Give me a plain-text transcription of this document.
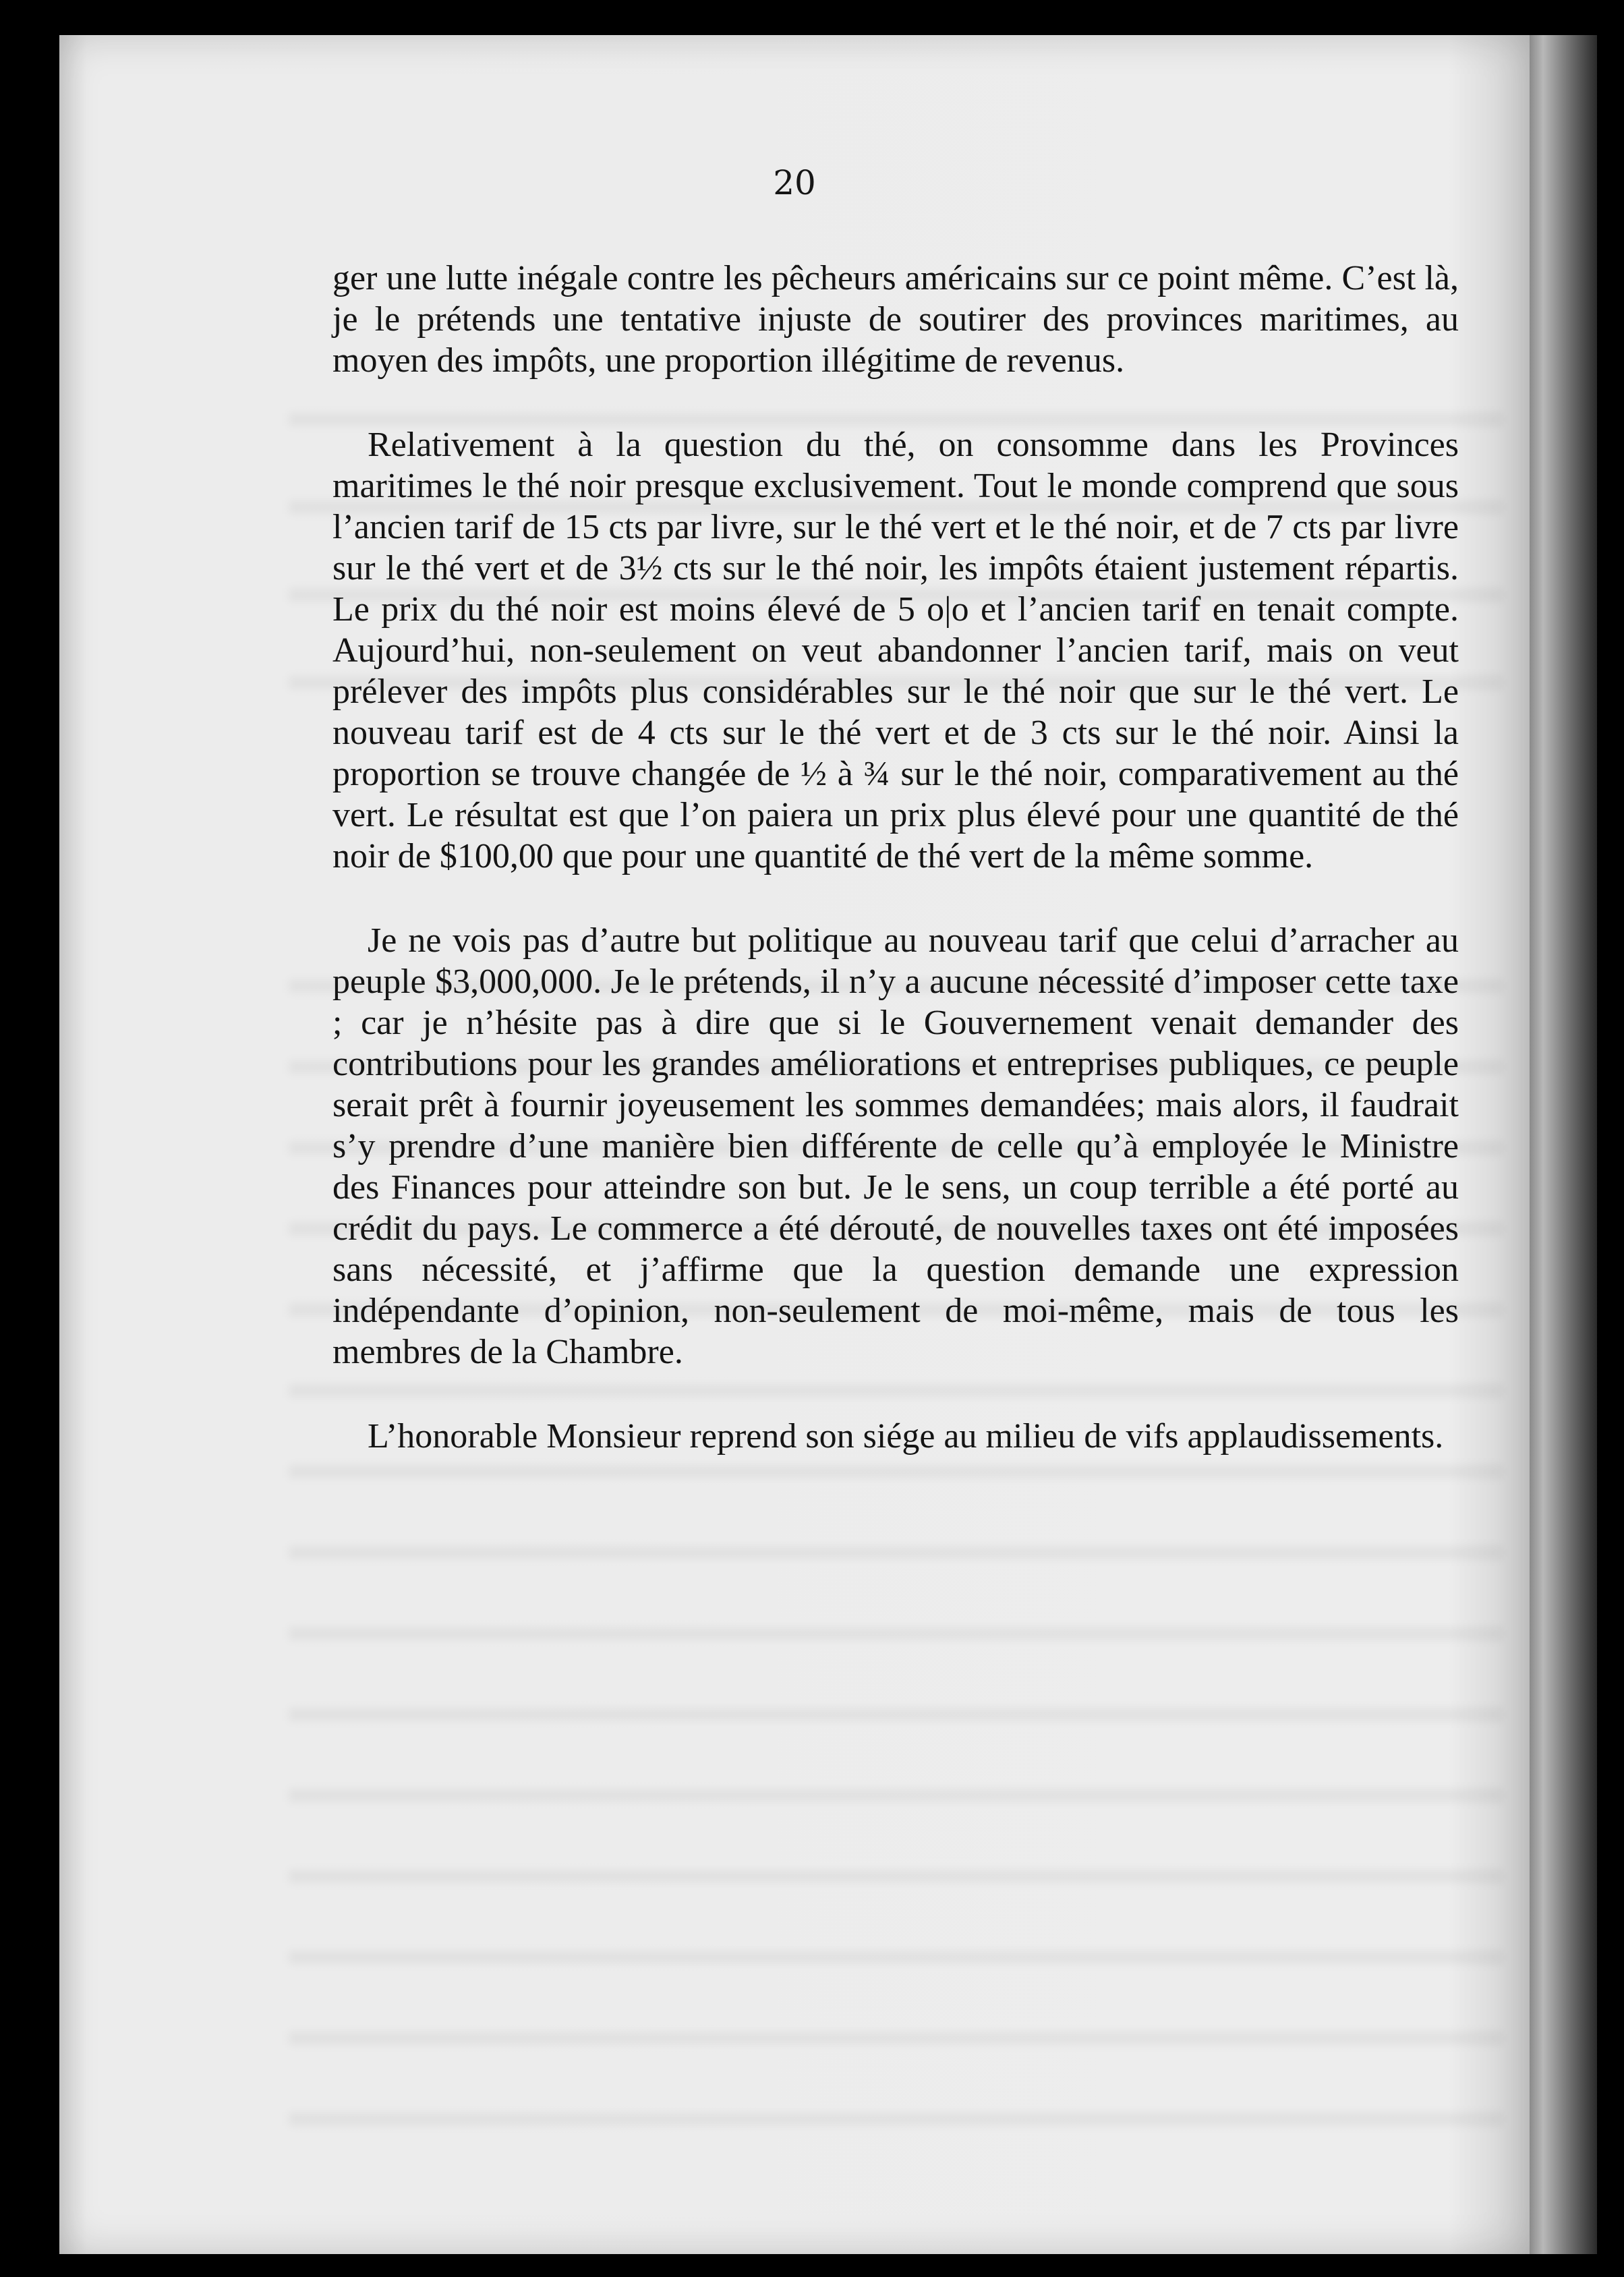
20

ger une lutte inégale contre les pêcheurs américains sur ce point même. C’est là, je le prétends une tentative injuste de soutirer des provinces maritimes, au moyen des impôts, une proportion illégitime de revenus.

Relativement à la question du thé, on consomme dans les Provinces maritimes le thé noir presque exclusivement. Tout le monde comprend que sous l’ancien tarif de 15 cts par livre, sur le thé vert et le thé noir, et de 7 cts par livre sur le thé vert et de 3½ cts sur le thé noir, les impôts étaient justement répartis. Le prix du thé noir est moins élevé de 5 o|o et l’ancien tarif en tenait compte. Aujourd’hui, non-seulement on veut abandonner l’ancien tarif, mais on veut prélever des impôts plus considérables sur le thé noir que sur le thé vert. Le nouveau tarif est de 4 cts sur le thé vert et de 3 cts sur le thé noir. Ainsi la proportion se trouve changée de ½ à ¾ sur le thé noir, comparativement au thé vert. Le résultat est que l’on paiera un prix plus élevé pour une quantité de thé noir de $100,00 que pour une quantité de thé vert de la même somme.

Je ne vois pas d’autre but politique au nouveau tarif que celui d’arracher au peuple $3,000,000. Je le prétends, il n’y a aucune nécessité d’imposer cette taxe ; car je n’hésite pas à dire que si le Gouvernement venait demander des contributions pour les grandes améliorations et entreprises publiques, ce peuple serait prêt à fournir joyeusement les sommes demandées; mais alors, il faudrait s’y prendre d’une manière bien différente de celle qu’à employée le Ministre des Finances pour atteindre son but. Je le sens, un coup terrible a été porté au crédit du pays. Le commerce a été dérouté, de nouvelles taxes ont été imposées sans nécessité, et j’affirme que la question demande une expression indépendante d’opinion, non-seulement de moi-même, mais de tous les membres de la Chambre.

L’honorable Monsieur reprend son siége au milieu de vifs applaudissements.
